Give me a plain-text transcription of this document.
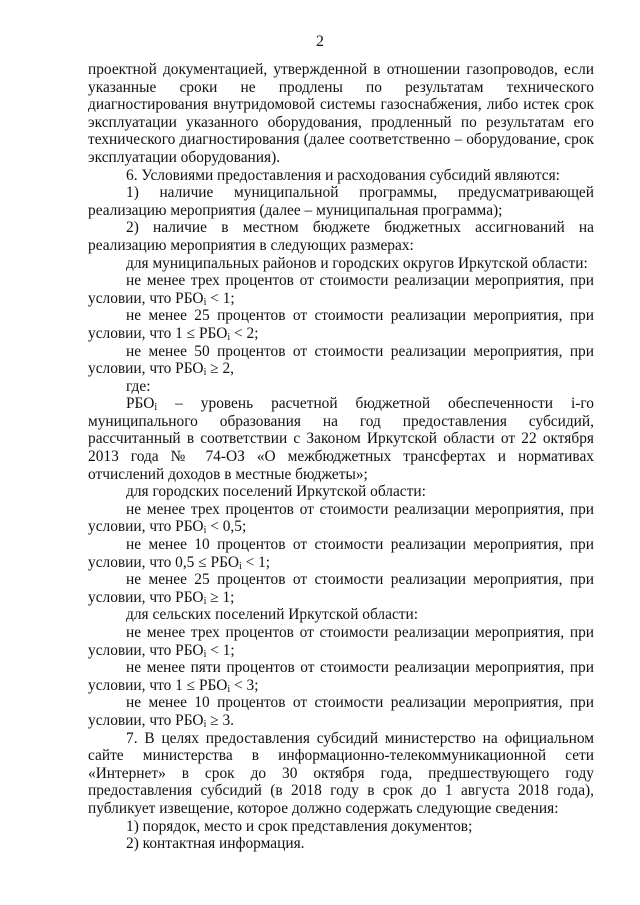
2

проектной документацией, утвержденной в отношении газопроводов, если указанные сроки не продлены по результатам технического диагностирования внутридомовой системы газоснабжения, либо истек срок эксплуатации указанного оборудования, продленный по результатам его технического диагностирования (далее соответственно – оборудование, срок эксплуатации оборудования).

6. Условиями предоставления и расходования субсидий являются:

1) наличие муниципальной программы, предусматривающей реализацию мероприятия (далее – муниципальная программа);

2) наличие в местном бюджете бюджетных ассигнований на реализацию мероприятия в следующих размерах:

для муниципальных районов и городских округов Иркутской области:

не менее трех процентов от стоимости реализации мероприятия, при условии, что $РБО_i < 1$;

не менее 25 процентов от стоимости реализации мероприятия, при условии, что $1 \le РБО_i < 2$;

не менее 50 процентов от стоимости реализации мероприятия, при условии, что $РБО_i \ge 2$,

где:

$РБО_i$ – уровень расчетной бюджетной обеспеченности i-го муниципального образования на год предоставления субсидий, рассчитанный в соответствии с Законом Иркутской области от 22 октября 2013 года № 74-ОЗ «О межбюджетных трансфертах и нормативах отчислений доходов в местные бюджеты»;

для городских поселений Иркутской области:

не менее трех процентов от стоимости реализации мероприятия, при условии, что $РБО_i < 0,5$;

не менее 10 процентов от стоимости реализации мероприятия, при условии, что $0,5 \le РБО_i < 1$;

не менее 25 процентов от стоимости реализации мероприятия, при условии, что $РБО_i \ge 1$;

для сельских поселений Иркутской области:

не менее трех процентов от стоимости реализации мероприятия, при условии, что $РБО_i < 1$;

не менее пяти процентов от стоимости реализации мероприятия, при условии, что $1 \le РБО_i < 3$;

не менее 10 процентов от стоимости реализации мероприятия, при условии, что $РБО_i \ge 3$.

7. В целях предоставления субсидий министерство на официальном сайте министерства в информационно-телекоммуникационной сети «Интернет» в срок до 30 октября года, предшествующего году предоставления субсидий (в 2018 году в срок до 1 августа 2018 года), публикует извещение, которое должно содержать следующие сведения:

1) порядок, место и срок представления документов;

2) контактная информация.
